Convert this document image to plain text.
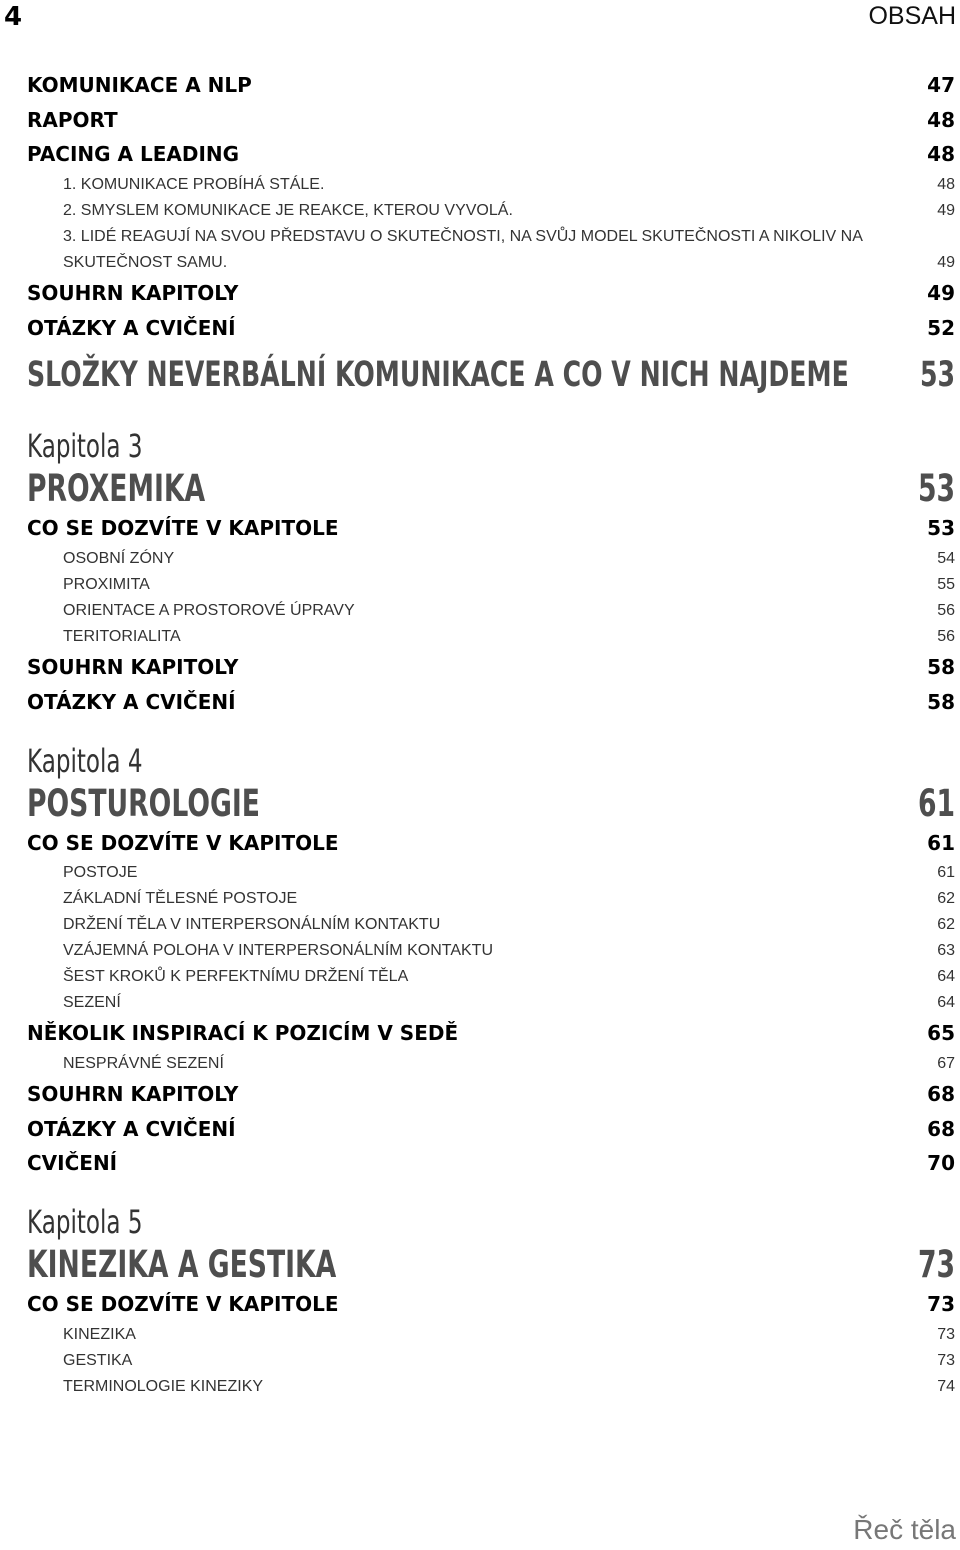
4	OBSAH
KOMUNIKACE A NLP	47
RAPORT	48
PACING A LEADING	48
1. KOMUNIKACE PROBÍHÁ STÁLE.	48
2. SMYSLEM KOMUNIKACE JE REAKCE, KTEROU VYVOLÁ.	49
3. LIDÉ REAGUJÍ NA SVOU PŘEDSTAVU O SKUTEČNOSTI, NA SVŮJ MODEL SKUTEČNOSTI A NIKOLIV NA SKUTEČNOST SAMU.	49
SOUHRN KAPITOLY	49
OTÁZKY A CVIČENÍ	52
SLOŽKY NEVERBÁLNÍ KOMUNIKACE A CO V NICH NAJDEME 53
Kapitola 3
PROXEMIKA	53
CO SE DOZVÍTE V KAPITOLE	53
OSOBNÍ ZÓNY	54
PROXIMITA	55
ORIENTACE A PROSTOROVÉ ÚPRAVY	56
TERITORIALITA	56
SOUHRN KAPITOLY	58
OTÁZKY A CVIČENÍ	58
Kapitola 4
POSTUROLOGIE	61
CO SE DOZVÍTE V KAPITOLE	61
POSTOJE	61
ZÁKLADNÍ TĚLESNÉ POSTOJE	62
DRŽENÍ TĚLA V INTERPERSONÁLNÍM KONTAKTU	62
VZÁJEMNÁ POLOHA V INTERPERSONÁLNÍM KONTAKTU	63
ŠEST KROKŮ K PERFEKTNÍMU DRŽENÍ TĚLA	64
SEZENÍ	64
NĚKOLIK INSPIRACÍ K POZICÍM V SEDĚ	65
NESPRÁVNÉ SEZENÍ	67
SOUHRN KAPITOLY	68
OTÁZKY A CVIČENÍ	68
CVIČENÍ	70
Kapitola 5
KINEZIKA A GESTIKA	73
CO SE DOZVÍTE V KAPITOLE	73
KINEZIKA	73
GESTIKA	73
TERMINOLOGIE KINEZIKY	74
Řeč těla
